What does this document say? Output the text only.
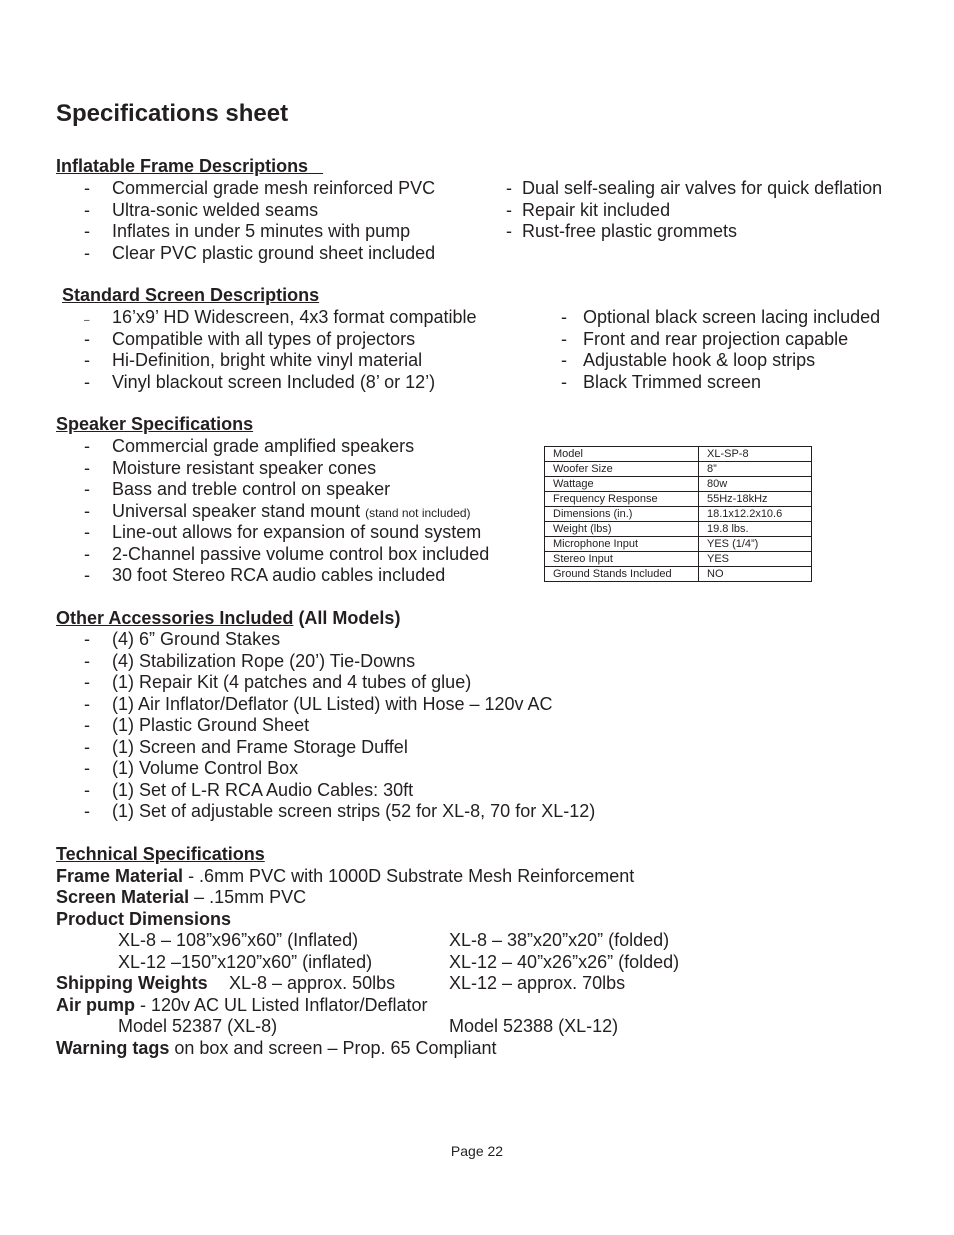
Specifications sheet
Inflatable Frame Descriptions
- Commercial grade mesh reinforced PVC
- Ultra-sonic welded seams
- Inflates in under 5 minutes with pump
- Clear PVC plastic ground sheet included
- Dual self-sealing air valves for quick deflation
- Repair kit included
- Rust-free plastic grommets
Standard Screen Descriptions
– 16’x9’ HD Widescreen, 4x3 format compatible
- Compatible with all types of projectors
- Hi-Definition, bright white vinyl material
- Vinyl blackout screen Included (8’ or 12’)
- Optional black screen lacing included
- Front and rear projection capable
- Adjustable hook & loop strips
- Black Trimmed screen
Speaker Specifications
- Commercial grade amplified speakers
- Moisture resistant speaker cones
- Bass and treble control on speaker
- Universal speaker stand mount (stand not included)
- Line-out allows for expansion of sound system
- 2-Channel passive volume control box included
- 30 foot Stereo RCA audio cables included
Model	XL-SP-8
Woofer Size	8”
Wattage	80w
Frequency Response	55Hz-18kHz
Dimensions (in.)	18.1x12.2x10.6
Weight (lbs)	19.8 lbs.
Microphone Input	YES (1/4”)
Stereo Input	YES
Ground Stands Included	NO
Other Accessories Included (All Models)
- (4) 6” Ground Stakes
- (4) Stabilization Rope (20’) Tie-Downs
- (1) Repair Kit (4 patches and 4 tubes of glue)
- (1) Air Inflator/Deflator (UL Listed) with Hose – 120v AC
- (1) Plastic Ground Sheet
- (1) Screen and Frame Storage Duffel
- (1) Volume Control Box
- (1) Set of L-R RCA Audio Cables: 30ft
- (1) Set of adjustable screen strips (52 for XL-8, 70 for XL-12)
Technical Specifications
Frame Material - .6mm PVC with 1000D Substrate Mesh Reinforcement
Screen Material – .15mm PVC
Product Dimensions
XL-8 – 108”x96”x60” (Inflated)	XL-8 – 38”x20”x20” (folded)
XL-12 –150”x120”x60” (inflated)	XL-12 – 40”x26”x26” (folded)
Shipping Weights XL-8 – approx. 50lbs	XL-12 – approx. 70lbs
Air pump - 120v AC UL Listed Inflator/Deflator
Model 52387 (XL-8)	Model 52388 (XL-12)
Warning tags on box and screen – Prop. 65 Compliant
Page 22
